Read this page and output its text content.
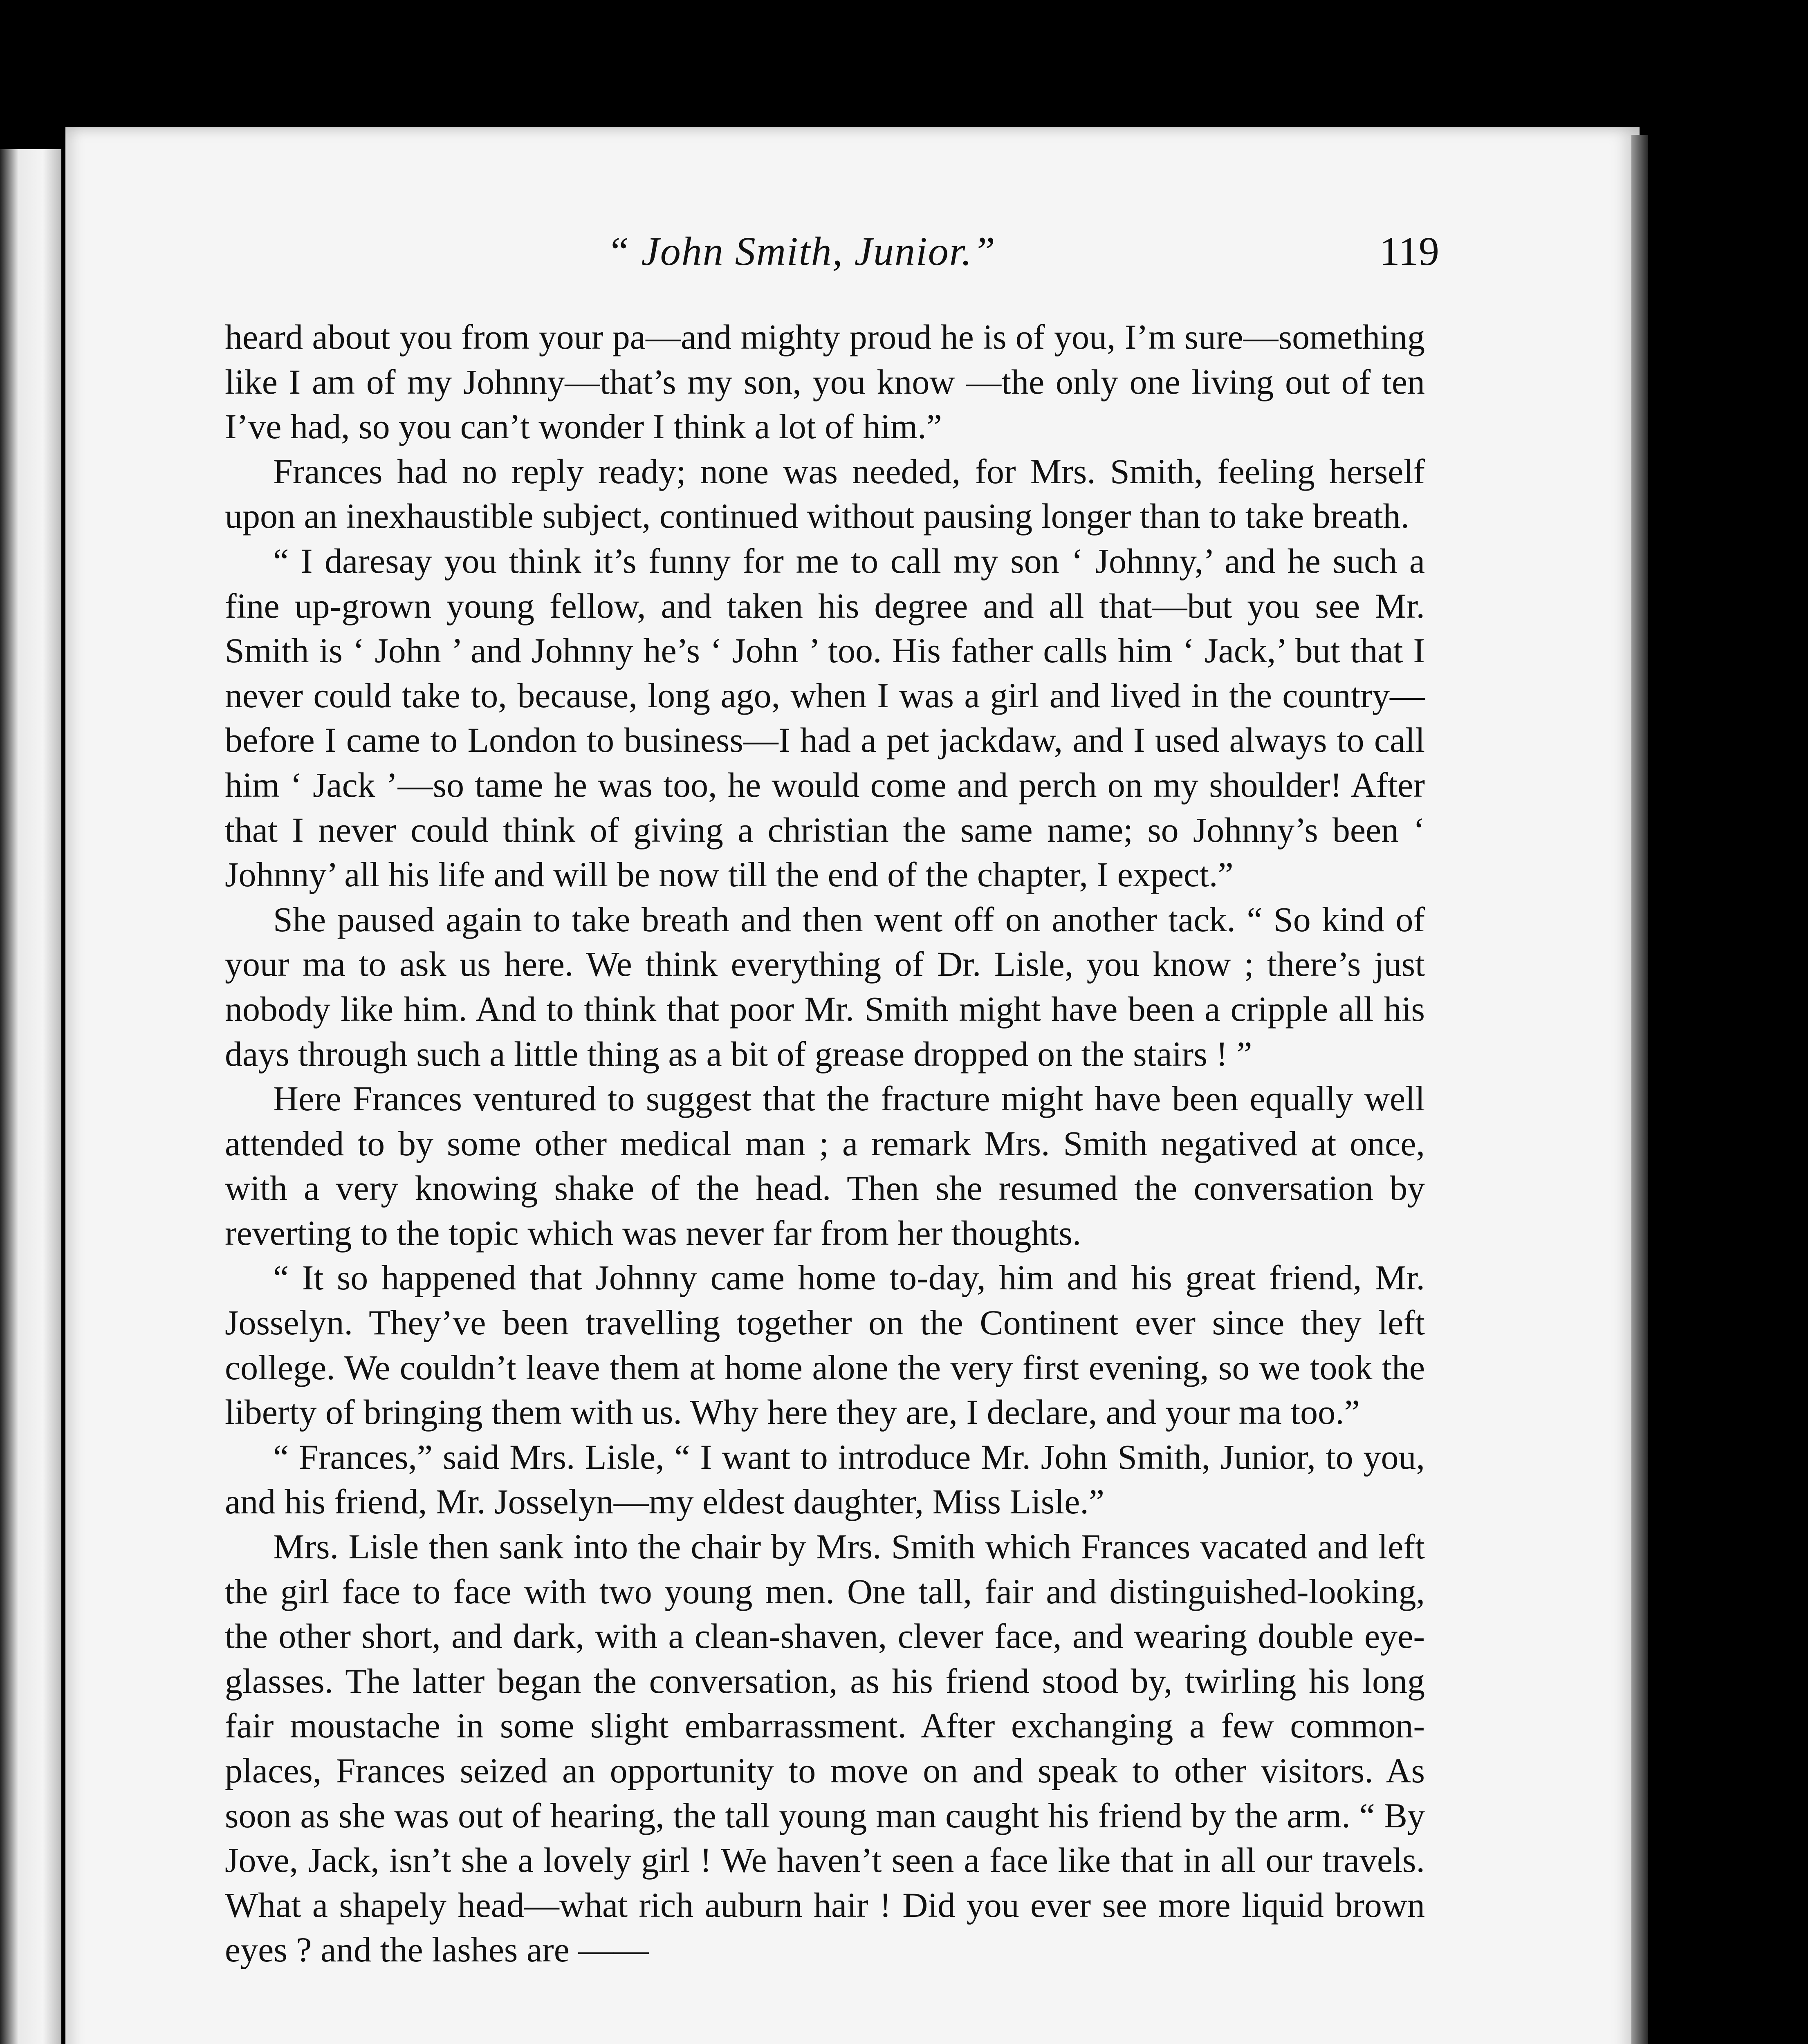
“ John Smith, Junior.”	119

heard about you from your pa—and mighty proud he is of you, I’m sure—something like I am of my Johnny—that’s my son, you know —the only one living out of ten I’ve had, so you can’t wonder I think a lot of him.”

Frances had no reply ready; none was needed, for Mrs. Smith, feeling herself upon an inexhaustible subject, continued without pausing longer than to take breath.

“ I daresay you think it’s funny for me to call my son ‘ Johnny,’ and he such a fine up-grown young fellow, and taken his degree and all that—but you see Mr. Smith is ‘ John ’ and Johnny he’s ‘ John ’ too. His father calls him ‘ Jack,’ but that I never could take to, because, long ago, when I was a girl and lived in the country—before I came to London to business—I had a pet jackdaw, and I used always to call him ‘ Jack ’—so tame he was too, he would come and perch on my shoulder! After that I never could think of giving a christian the same name; so Johnny’s been ‘ Johnny’ all his life and will be now till the end of the chapter, I expect.”

She paused again to take breath and then went off on another tack. “ So kind of your ma to ask us here. We think everything of Dr. Lisle, you know ; there’s just nobody like him. And to think that poor Mr. Smith might have been a cripple all his days through such a little thing as a bit of grease dropped on the stairs ! ”

Here Frances ventured to suggest that the fracture might have been equally well attended to by some other medical man ; a remark Mrs. Smith negatived at once, with a very knowing shake of the head. Then she resumed the conversation by reverting to the topic which was never far from her thoughts.

“ It so happened that Johnny came home to-day, him and his great friend, Mr. Josselyn. They’ve been travelling together on the Continent ever since they left college. We couldn’t leave them at home alone the very first evening, so we took the liberty of bringing them with us. Why here they are, I declare, and your ma too.”

“ Frances,” said Mrs. Lisle, “ I want to introduce Mr. John Smith, Junior, to you, and his friend, Mr. Josselyn—my eldest daughter, Miss Lisle.”

Mrs. Lisle then sank into the chair by Mrs. Smith which Frances vacated and left the girl face to face with two young men. One tall, fair and distinguished-looking, the other short, and dark, with a clean-shaven, clever face, and wearing double eye-glasses. The latter began the conversation, as his friend stood by, twirling his long fair moustache in some slight embarrassment. After exchanging a few common-places, Frances seized an opportunity to move on and speak to other visitors. As soon as she was out of hearing, the tall young man caught his friend by the arm. “ By Jove, Jack, isn’t she a lovely girl ! We haven’t seen a face like that in all our travels. What a shapely head—what rich auburn hair ! Did you ever see more liquid brown eyes ? and the lashes are ——
